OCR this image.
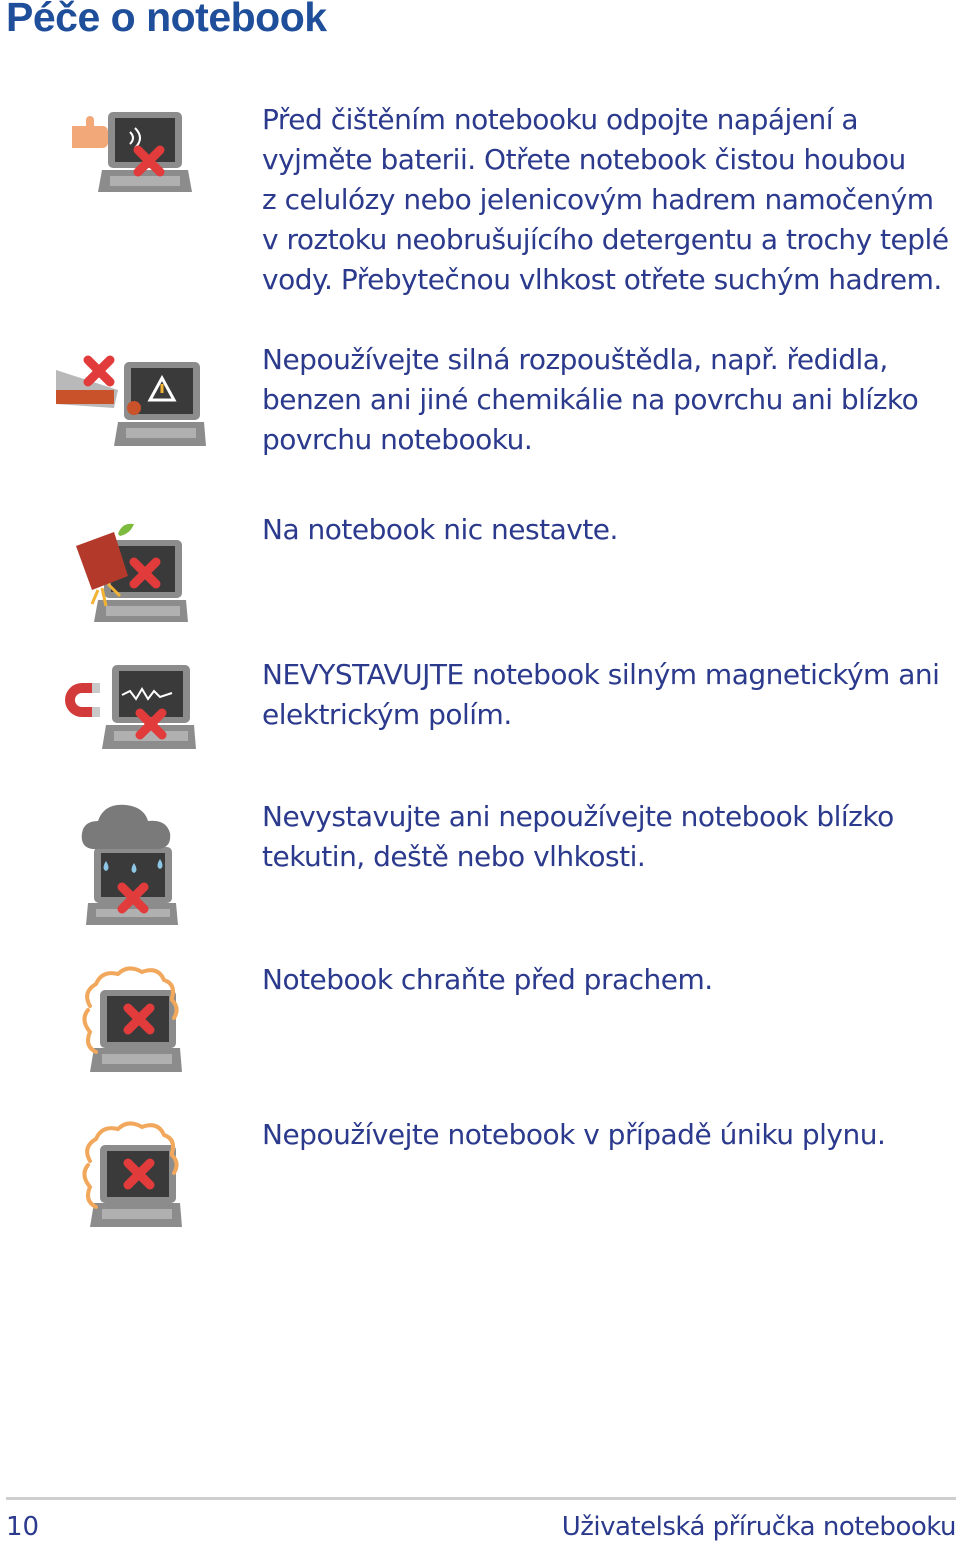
Péče o notebook
Před čištěním notebooku odpojte napájení a
vyjměte baterii. Otřete notebook čistou houbou
z celulózy nebo jelenicovým hadrem namočeným
v roztoku neobrušujícího detergentu a trochy teplé
vody. Přebytečnou vlhkost otřete suchým hadrem.
Nepoužívejte silná rozpouštědla, např. ředidla,
benzen ani jiné chemikálie na povrchu ani blízko
povrchu notebooku.
Na notebook nic nestavte.
NEVYSTAVUJTE notebook silným magnetickým ani
elektrickým polím.
Nevystavujte ani nepoužívejte notebook blízko
tekutin, deště nebo vlhkosti.
Notebook chraňte před prachem.
Nepoužívejte notebook v případě úniku plynu.
10	Uživatelská příručka notebooku
